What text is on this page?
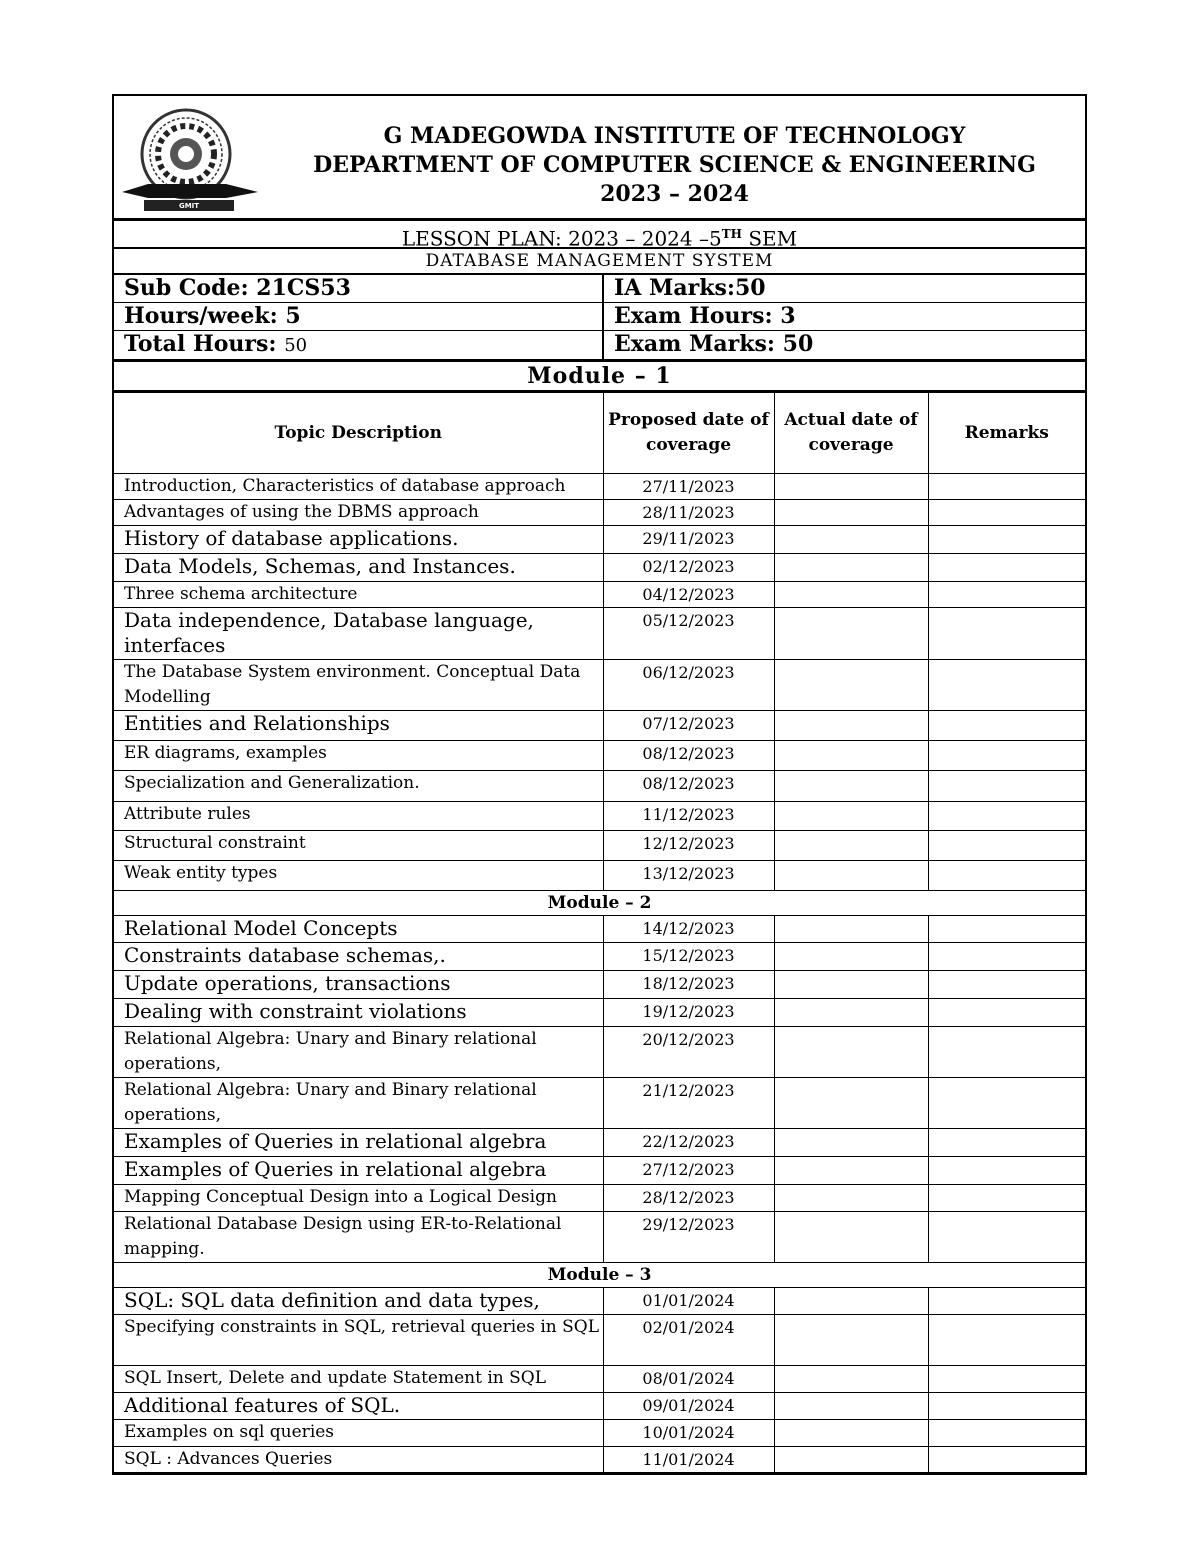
GMIT
G MADEGOWDA INSTITUTE OF TECHNOLOGY
DEPARTMENT OF COMPUTER SCIENCE & ENGINEERING
2023 – 2024
LESSON PLAN: 2023 – 2024 –5TH SEM
DATABASE MANAGEMENT SYSTEM
Sub Code: 21CS53	IA Marks:50
Hours/week: 5	Exam Hours: 3
Total Hours: 50	Exam Marks: 50
Module – 1
Topic Description	Proposed date of coverage	Actual date of coverage	Remarks
Introduction, Characteristics of database approach	27/11/2023		
Advantages of using the DBMS approach	28/11/2023		
History of database applications.	29/11/2023		
Data Models, Schemas, and Instances.	02/12/2023		
Three schema architecture	04/12/2023		
Data independence, Database language, interfaces	05/12/2023		
The Database System environment. Conceptual Data Modelling	06/12/2023		
Entities and Relationships	07/12/2023		
ER diagrams, examples	08/12/2023		
Specialization and Generalization.	08/12/2023		
Attribute rules	11/12/2023		
Structural constraint	12/12/2023		
Weak entity types	13/12/2023		
Module – 2			
Relational Model Concepts	14/12/2023		
Constraints database schemas,.	15/12/2023		
Update operations, transactions	18/12/2023		
Dealing with constraint violations	19/12/2023		
Relational Algebra: Unary and Binary relational operations,	20/12/2023		
Relational Algebra: Unary and Binary relational operations,	21/12/2023		
Examples of Queries in relational algebra	22/12/2023		
Examples of Queries in relational algebra	27/12/2023		
Mapping Conceptual Design into a Logical Design	28/12/2023		
Relational Database Design using ER-to-Relational mapping.	29/12/2023		
Module – 3			
SQL: SQL data definition and data types,	01/01/2024		
Specifying constraints in SQL, retrieval queries in SQL	02/01/2024		
SQL Insert, Delete and update Statement in SQL	08/01/2024		
Additional features of SQL.	09/01/2024		
Examples on sql queries	10/01/2024		
SQL : Advances Queries	11/01/2024		
